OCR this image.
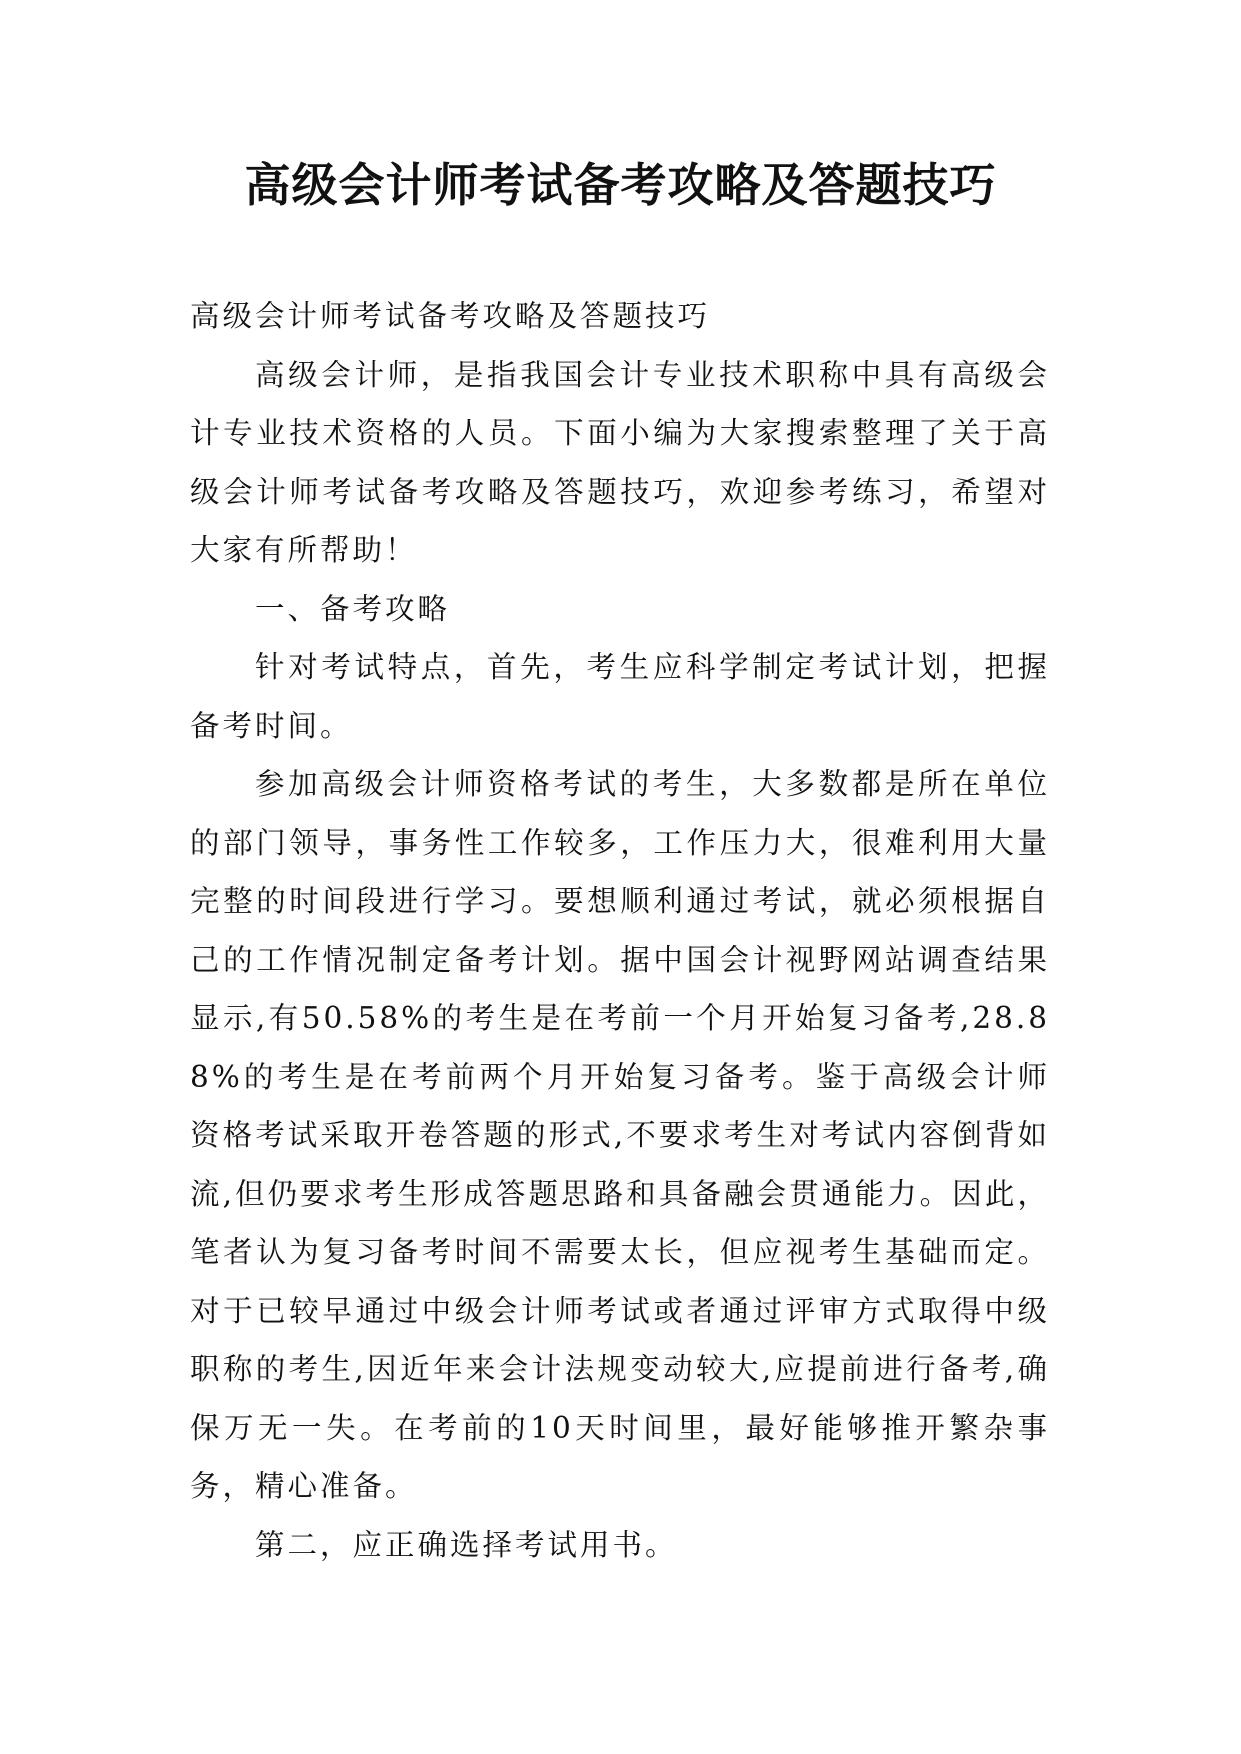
高级会计师考试备考攻略及答题技巧

高级会计师考试备考攻略及答题技巧

高级会计师，是指我国会计专业技术职称中具有高级会计专业技术资格的人员。下面小编为大家搜索整理了关于高级会计师考试备考攻略及答题技巧，欢迎参考练习，希望对大家有所帮助！

一、备考攻略

针对考试特点，首先，考生应科学制定考试计划，把握备考时间。

参加高级会计师资格考试的考生，大多数都是所在单位的部门领导，事务性工作较多，工作压力大，很难利用大量完整的时间段进行学习。要想顺利通过考试，就必须根据自己的工作情况制定备考计划。据中国会计视野网站调查结果显示,有50.58%的考生是在考前一个月开始复习备考,28.88%的考生是在考前两个月开始复习备考。鉴于高级会计师资格考试采取开卷答题的形式,不要求考生对考试内容倒背如流,但仍要求考生形成答题思路和具备融会贯通能力。因此，笔者认为复习备考时间不需要太长，但应视考生基础而定。对于已较早通过中级会计师考试或者通过评审方式取得中级职称的考生,因近年来会计法规变动较大,应提前进行备考,确保万无一失。在考前的10天时间里，最好能够推开繁杂事务，精心准备。

第二，应正确选择考试用书。
